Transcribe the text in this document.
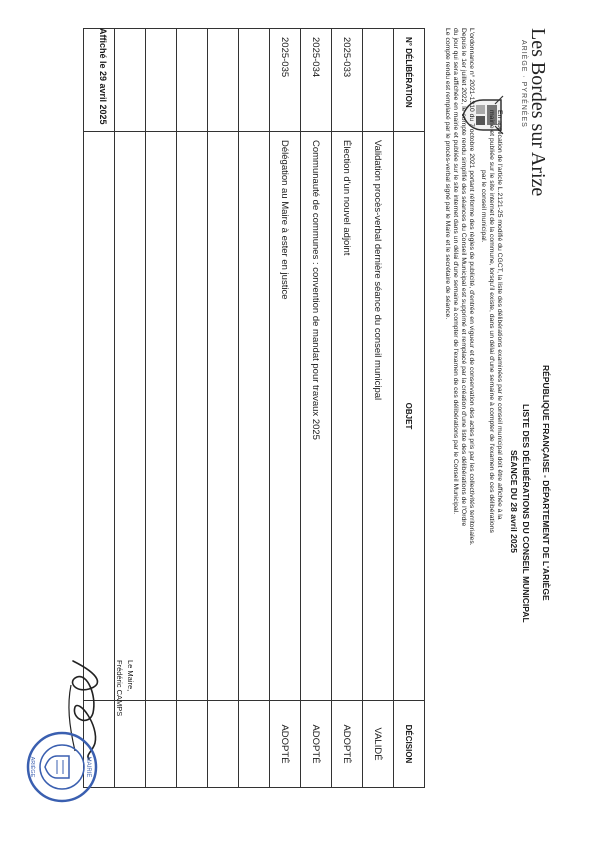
Les Bordes sur Arize
ARIÈGE · PYRÉNÉES
RÉPUBLIQUE FRANÇAISE - DÉPARTEMENT DE L'ARIÈGE
LISTE DES DÉLIBÉRATIONS DU CONSEIL MUNICIPAL
SÉANCE DU 28 avril 2025
En application de l'article L.2121-25 modifié du CGCT, la liste des délibérations examinées par le conseil municipal doit être affichée à la
mairie et publiée sur le site internet de la commune, lorsqu'il existe, dans un délai d'une semaine à compter de l'examen de ces délibérations
par le conseil municipal.
L'ordonnance n° 2021-1310 du 7 octobre 2021 portant réforme des règles de publicité, d'entrée en vigueur et de conservation des actes pris par les collectivités territoriales.
Depuis le 1er juillet 2022, le compte rendu simplifié des séances du Conseil Municipal est supprimé et remplacé par la création d'une liste des délibérations de l'Ordre
du jour qui sera affichée en mairie et publiée sur le site internet dans un délai d'une semaine à compter de l'examen de ces délibérations par le Conseil Municipal.
Le compte rendu est remplacé par le procès-verbal signé par le Maire et le secrétaire de séance.
N° DÉLIBÉRATION	OBJET	DÉCISION
	Validation procès-verbal dernière séance du conseil municipal	VALIDÉ
2025-033	Élection d'un nouvel adjoint	ADOPTÉ
2025-034	Communauté de communes : convention de mandat pour travaux 2025	ADOPTÉ
2025-035	Délégation au Maire à ester en justice	ADOPTÉ

Affiché le 29 avril 2025
Le Maire,
Frédéric CAMPS
MAIRIE
ARIÈGE
